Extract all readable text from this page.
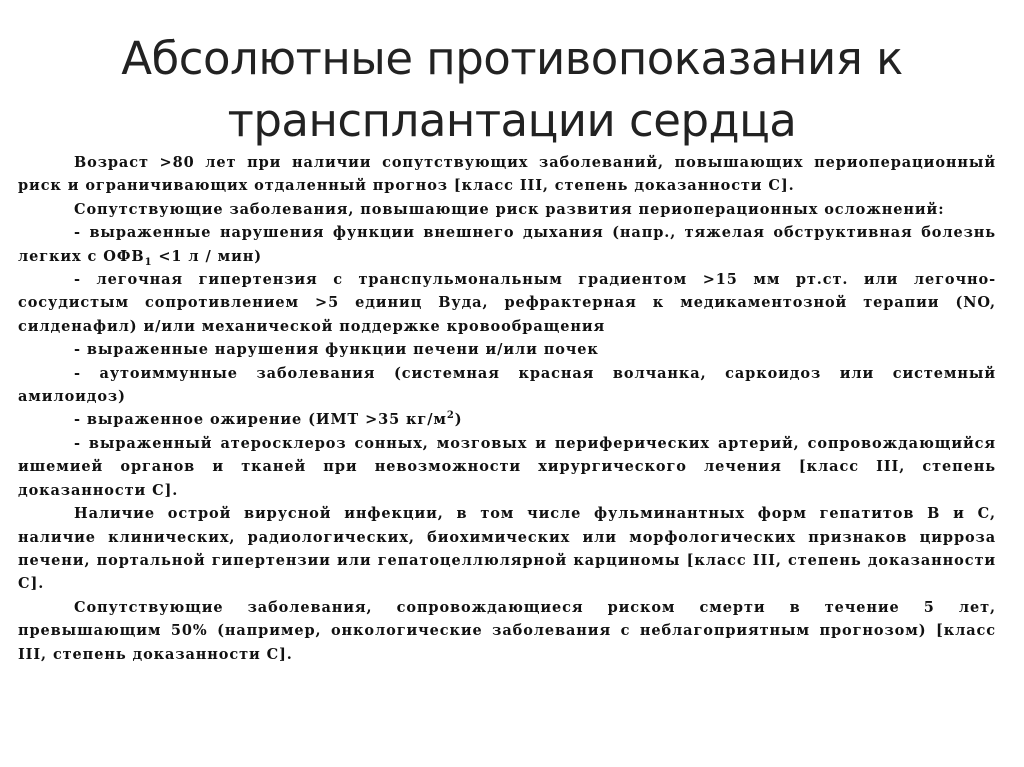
Абсолютные противопоказания к
трансплантации сердца

Возраст >80 лет при наличии сопутствующих заболеваний, повышающих периоперационный риск и ограничивающих отдаленный прогноз [класс III, степень доказанности С].

Сопутствующие заболевания, повышающие риск развития периоперационных осложнений:

- выраженные нарушения функции внешнего дыхания (напр., тяжелая обструктивная болезнь легких с $ОФВ_1 <1$ л / мин)

- легочная гипертензия с транспульмональным градиентом >15 мм рт.ст. или легочно-сосудистым сопротивлением >5 единиц Вуда, рефрактерная к медикаментозной терапии (NO, силденафил) и/или механической поддержке кровообращения

- выраженные нарушения функции печени и/или почек

- аутоиммунные заболевания (системная красная волчанка, саркоидоз или системный амилоидоз)

- выраженное ожирение (ИМТ >35 $кг/м^2$)

- выраженный атеросклероз сонных, мозговых и периферических артерий, сопровождающийся ишемией органов и тканей при невозможности хирургического лечения [класс III, степень доказанности С].

Наличие острой вирусной инфекции, в том числе фульминантных форм гепатитов В и С, наличие клинических, радиологических, биохимических или морфологических признаков цирроза печени, портальной гипертензии или гепатоцеллюлярной карциномы [класс III, степень доказанности С].

Сопутствующие заболевания, сопровождающиеся риском смерти в течение 5 лет, превышающим 50% (например, онкологические заболевания с неблагоприятным прогнозом) [класс III, степень доказанности С].
